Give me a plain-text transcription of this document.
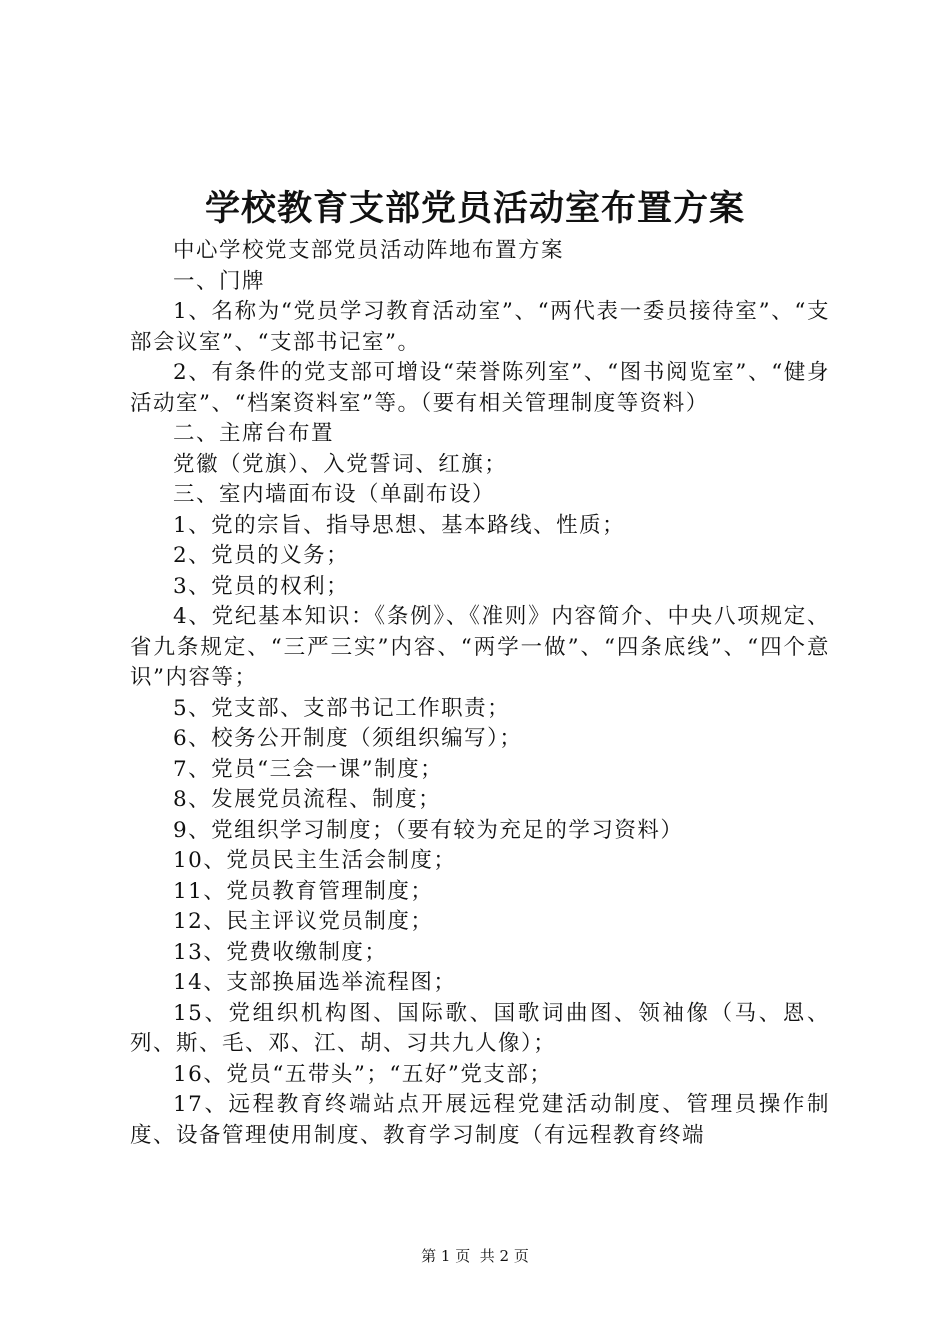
学校教育支部党员活动室布置方案

中心学校党支部党员活动阵地布置方案

一、门牌

1、名称为“党员学习教育活动室”、“两代表一委员接待室”、“支部会议室”、“支部书记室”。

2、有条件的党支部可增设“荣誉陈列室”、“图书阅览室”、“健身活动室”、“档案资料室”等。（要有相关管理制度等资料）

二、主席台布置

党徽（党旗）、入党誓词、红旗；

三、室内墙面布设（单副布设）

1、党的宗旨、指导思想、基本路线、性质；

2、党员的义务；

3、党员的权利；

4、党纪基本知识：《条例》、《准则》内容简介、中央八项规定、省九条规定、“三严三实”内容、“两学一做”、“四条底线”、“四个意识”内容等；

5、党支部、支部书记工作职责；

6、校务公开制度（须组织编写）；

7、党员“三会一课”制度；

8、发展党员流程、制度；

9、党组织学习制度；（要有较为充足的学习资料）

10、党员民主生活会制度；

11、党员教育管理制度；

12、民主评议党员制度；

13、党费收缴制度；

14、支部换届选举流程图；

15、党组织机构图、国际歌、国歌词曲图、领袖像（马、恩、列、斯、毛、邓、江、胡、习共九人像）；

16、党员“五带头”；“五好”党支部；

17、远程教育终端站点开展远程党建活动制度、管理员操作制度、设备管理使用制度、教育学习制度（有远程教育终端

第 1 页  共 2 页
